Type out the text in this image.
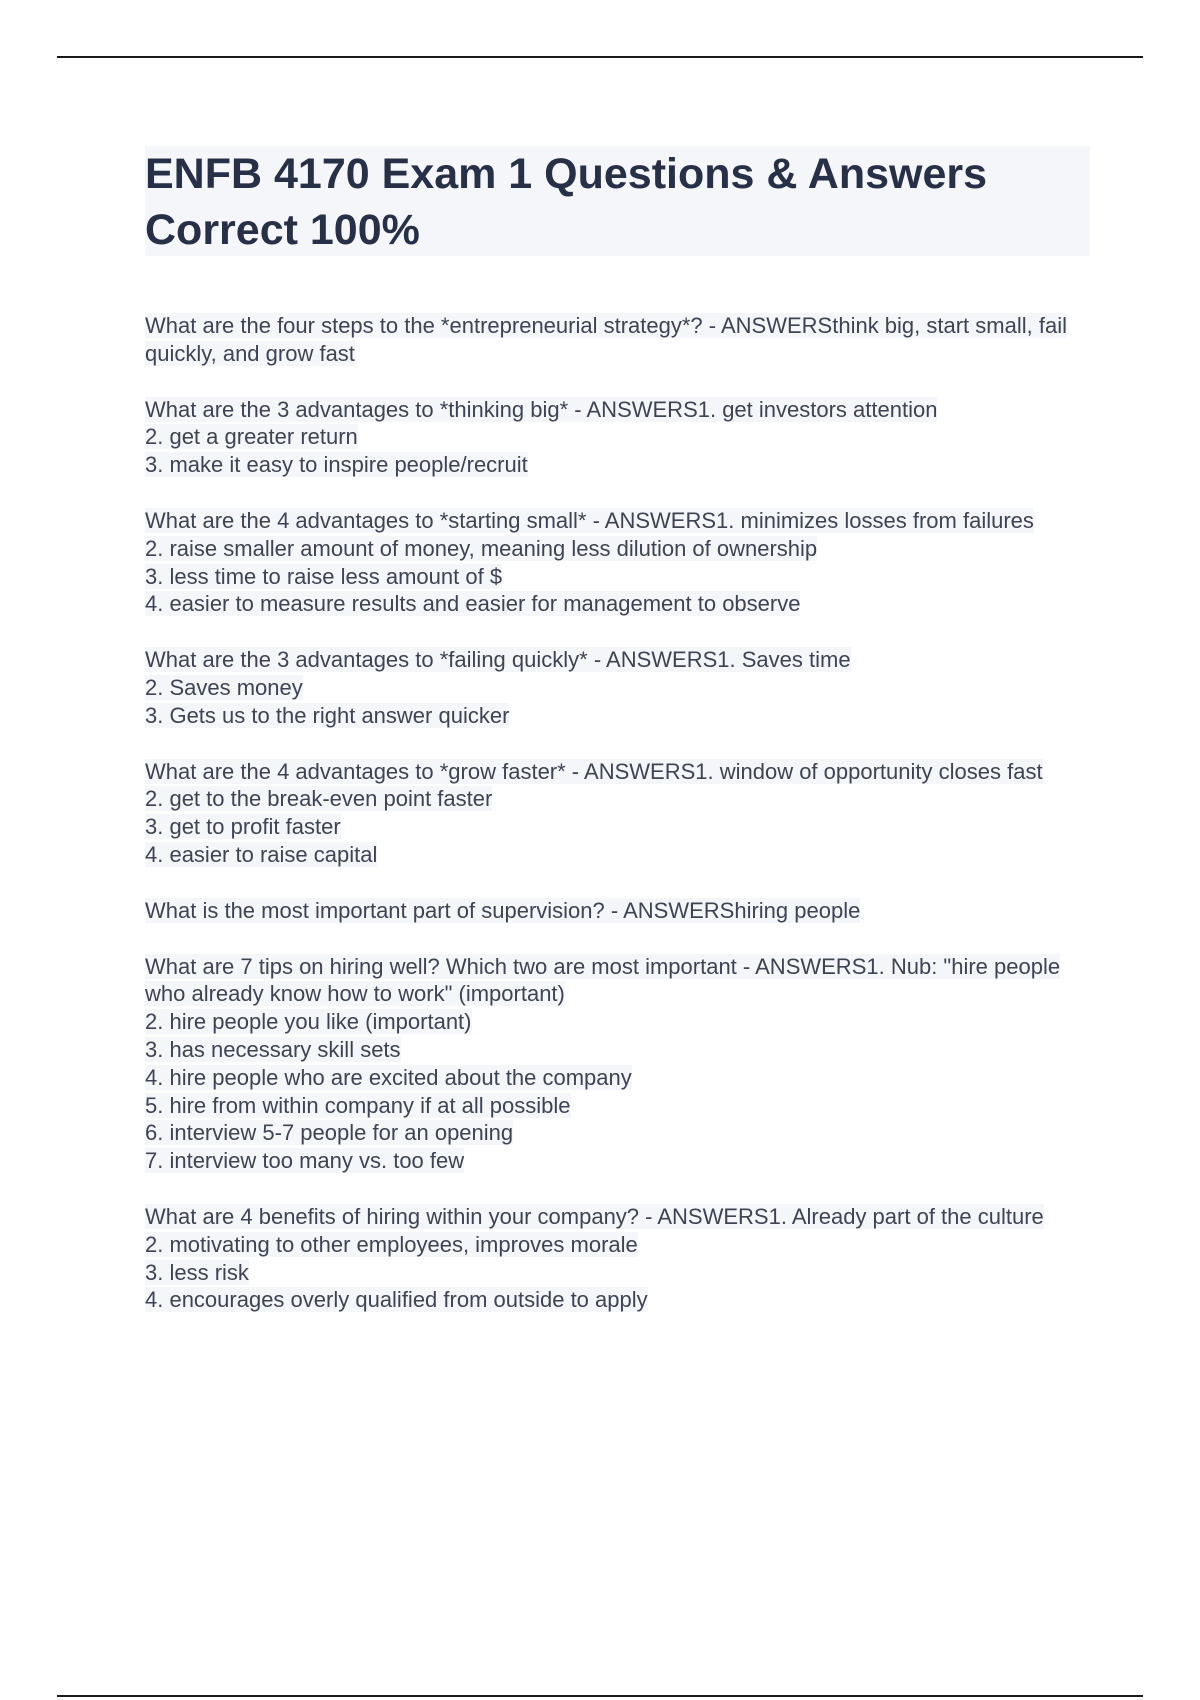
ENFB 4170 Exam 1 Questions & Answers Correct 100%
What are the four steps to the *entrepreneurial strategy*? - ANSWERSthink big, start small, fail quickly, and grow fast
What are the 3 advantages to *thinking big* - ANSWERS1. get investors attention
2. get a greater return
3. make it easy to inspire people/recruit
What are the 4 advantages to *starting small* - ANSWERS1. minimizes losses from failures
2. raise smaller amount of money, meaning less dilution of ownership
3. less time to raise less amount of $
4. easier to measure results and easier for management to observe
What are the 3 advantages to *failing quickly* - ANSWERS1. Saves time
2. Saves money
3. Gets us to the right answer quicker
What are the 4 advantages to *grow faster* - ANSWERS1. window of opportunity closes fast
2. get to the break-even point faster
3. get to profit faster
4. easier to raise capital
What is the most important part of supervision? - ANSWERShiring people
What are 7 tips on hiring well? Which two are most important - ANSWERS1. Nub: "hire people who already know how to work" (important)
2. hire people you like (important)
3. has necessary skill sets
4. hire people who are excited about the company
5. hire from within company if at all possible
6. interview 5-7 people for an opening
7. interview too many vs. too few
What are 4 benefits of hiring within your company? - ANSWERS1. Already part of the culture
2. motivating to other employees, improves morale
3. less risk
4. encourages overly qualified from outside to apply
